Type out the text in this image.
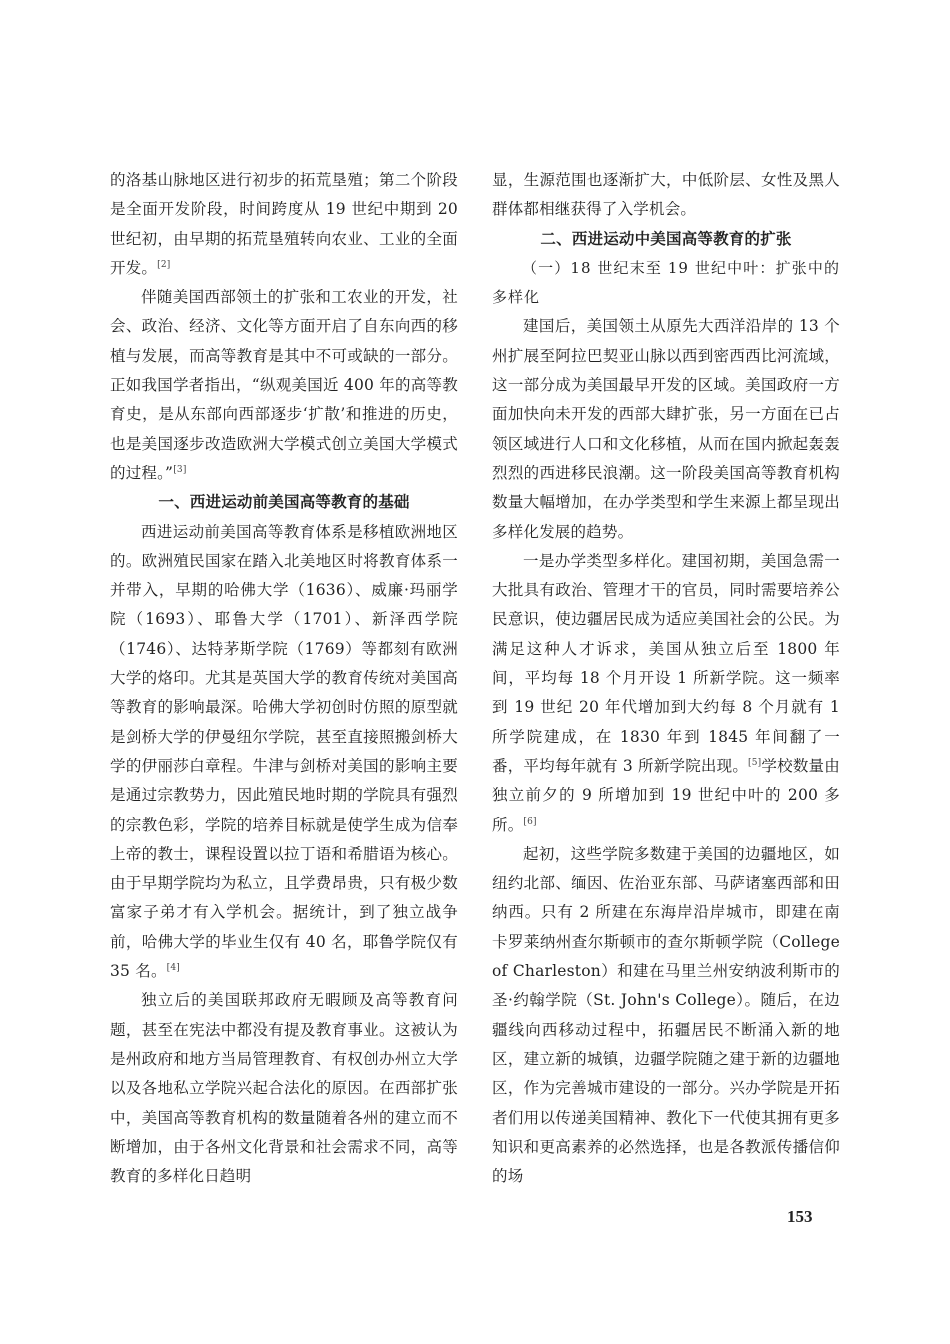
的洛基山脉地区进行初步的拓荒垦殖；第二个阶段是全面开发阶段，时间跨度从 19 世纪中期到 20 世纪初，由早期的拓荒垦殖转向农业、工业的全面开发。[2]

伴随美国西部领土的扩张和工农业的开发，社会、政治、经济、文化等方面开启了自东向西的移植与发展，而高等教育是其中不可或缺的一部分。正如我国学者指出，“纵观美国近 400 年的高等教育史，是从东部向西部逐步‘扩散’和推进的历史，也是美国逐步改造欧洲大学模式创立美国大学模式的过程。”[3]

一、西进运动前美国高等教育的基础

西进运动前美国高等教育体系是移植欧洲地区的。欧洲殖民国家在踏入北美地区时将教育体系一并带入，早期的哈佛大学（1636）、威廉·玛丽学院（1693）、耶鲁大学（1701）、新泽西学院（1746）、达特茅斯学院（1769）等都刻有欧洲大学的烙印。尤其是英国大学的教育传统对美国高等教育的影响最深。哈佛大学初创时仿照的原型就是剑桥大学的伊曼纽尔学院，甚至直接照搬剑桥大学的伊丽莎白章程。牛津与剑桥对美国的影响主要是通过宗教势力，因此殖民地时期的学院具有强烈的宗教色彩，学院的培养目标就是使学生成为信奉上帝的教士，课程设置以拉丁语和希腊语为核心。由于早期学院均为私立，且学费昂贵，只有极少数富家子弟才有入学机会。据统计，到了独立战争前，哈佛大学的毕业生仅有 40 名，耶鲁学院仅有 35 名。[4]

独立后的美国联邦政府无暇顾及高等教育问题，甚至在宪法中都没有提及教育事业。这被认为是州政府和地方当局管理教育、有权创办州立大学以及各地私立学院兴起合法化的原因。在西部扩张中，美国高等教育机构的数量随着各州的建立而不断增加，由于各州文化背景和社会需求不同，高等教育的多样化日趋明

显，生源范围也逐渐扩大，中低阶层、女性及黑人群体都相继获得了入学机会。

二、西进运动中美国高等教育的扩张
（一）18 世纪末至 19 世纪中叶：扩张中的多样化

建国后，美国领土从原先大西洋沿岸的 13 个州扩展至阿拉巴契亚山脉以西到密西西比河流域，这一部分成为美国最早开发的区域。美国政府一方面加快向未开发的西部大肆扩张，另一方面在已占领区域进行人口和文化移植，从而在国内掀起轰轰烈烈的西进移民浪潮。这一阶段美国高等教育机构数量大幅增加，在办学类型和学生来源上都呈现出多样化发展的趋势。

一是办学类型多样化。建国初期，美国急需一大批具有政治、管理才干的官员，同时需要培养公民意识，使边疆居民成为适应美国社会的公民。为满足这种人才诉求，美国从独立后至 1800 年间，平均每 18 个月开设 1 所新学院。这一频率到 19 世纪 20 年代增加到大约每 8 个月就有 1 所学院建成，在 1830 年到 1845 年间翻了一番，平均每年就有 3 所新学院出现。[5]学校数量由独立前夕的 9 所增加到 19 世纪中叶的 200 多所。[6]

起初，这些学院多数建于美国的边疆地区，如纽约北部、缅因、佐治亚东部、马萨诸塞西部和田纳西。只有 2 所建在东海岸沿岸城市，即建在南卡罗莱纳州查尔斯顿市的查尔斯顿学院（College of Charleston）和建在马里兰州安纳波利斯市的圣·约翰学院（St. John's College）。随后，在边疆线向西移动过程中，拓疆居民不断涌入新的地区，建立新的城镇，边疆学院随之建于新的边疆地区，作为完善城市建设的一部分。兴办学院是开拓者们用以传递美国精神、教化下一代使其拥有更多知识和更高素养的必然选择，也是各教派传播信仰的场

153
